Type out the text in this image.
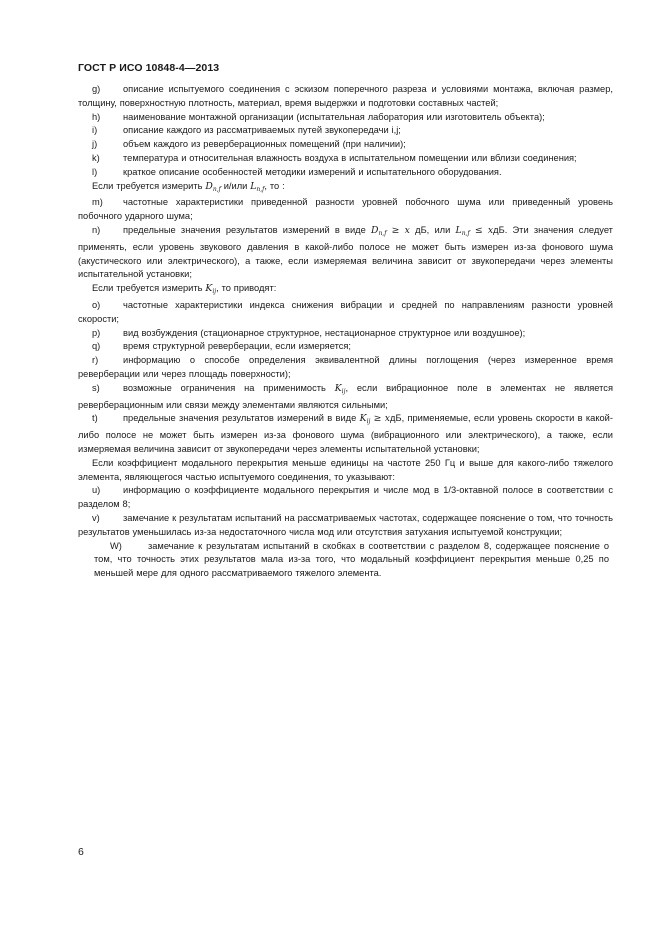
ГОСТ Р ИСО 10848-4—2013

g) описание испытуемого соединения с эскизом поперечного разреза и условиями монтажа, включая размер, толщину, поверхностную плотность, материал, время выдержки и подготовки составных частей;

h) наименование монтажной организации (испытательная лаборатория или изготовитель объекта);

i)	описание каждого из рассматриваемых путей звукопередачи i,j;

j)	объем каждого из реверберационных помещений (при наличии);

k)	температура и относительная влажность воздуха в испытательном помещении или вблизи соединения;

l)	краткое описание особенностей методики измерений и испытательного оборудования.

Если требуется измерить $D_{n,f}$ и/или $L_{n,f}$, то :

m) частотные характеристики приведенной разности уровней побочного шума или приведенный уровень побочного ударного шума;

n) предельные значения результатов измерений в виде $D_{n,f} \ge x$ дБ, или $L_{n,f}$ ≤ xдБ. Эти значения следует применять, если уровень звукового давления в какой-либо полосе не может быть измерен из-за фонового шума (акустического или электрического), а также, если измеряемая величина зависит от звукопередачи через элементы испытательной установки;

Если требуется измерить $K_{ij}$, то приводят:

o) частотные характеристики индекса снижения вибрации и средней по направлениям разности уровней скорости;

p) вид возбуждения (стационарное структурное, нестационарное структурное или воздушное);

q) время структурной реверберации, если измеряется;

r)	информацию о способе определения эквивалентной длины поглощения (через измеренное время реверберации или через площадь поверхности);

s)	возможные ограничения на применимость $K_{ij}$, если вибрационное поле в элементах не является реверберационным или связи между элементами являются сильными;

t)	предельные значения результатов измерений в виде $K_{ij}$ ≥ xдБ, применяемые, если уровень скорости в какой-либо полосе не может быть измерен из-за фонового шума (вибрационного или электрического), а также, если измеряемая величина зависит от звукопередачи через элементы испытательной установки;

Если коэффициент модального перекрытия меньше единицы на частоте 250 Гц и выше для какого-либо тяжелого элемента, являющегося частью испытуемого соединения, то указывают:

u) информацию о коэффициенте модального перекрытия и числе мод в 1/3-октавной полосе в соответствии с разделом 8;

v)	замечание к результатам испытаний на рассматриваемых частотах, содержащее пояснение о том, что точность результатов уменьшилась из-за недостаточного числа мод или отсутствия затухания испытуемой конструкции;

W)	замечание к результатам испытаний в скобках в соответствии с разделом 8, содержащее пояснение о том, что точность этих результатов мала из-за того, что модальный коэффициент перекрытия меньше 0,25 по меньшей мере для одного рассматриваемого тяжелого элемента.

6
